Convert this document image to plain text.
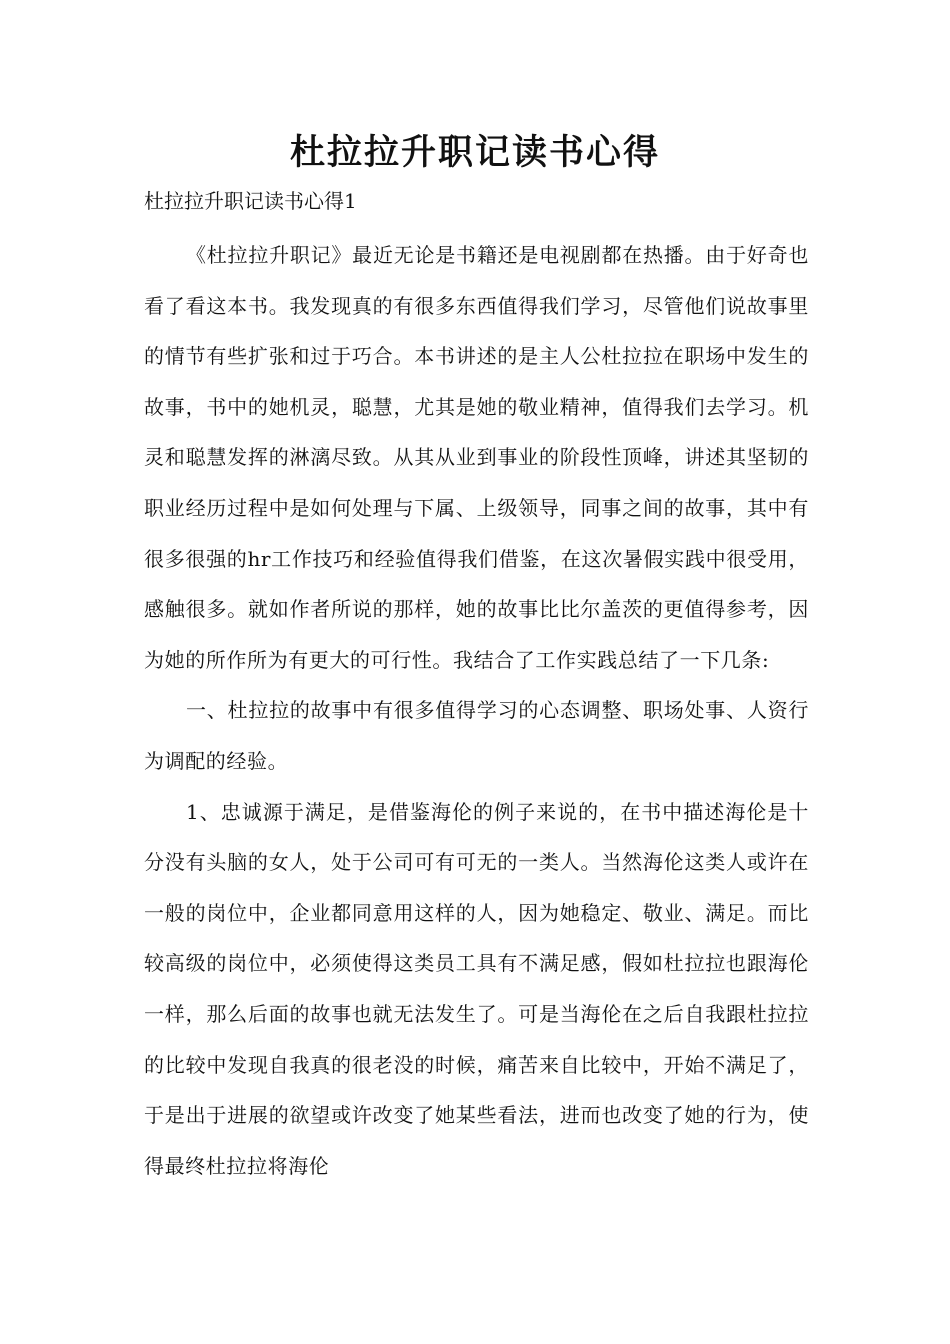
杜拉拉升职记读书心得

杜拉拉升职记读书心得1

《杜拉拉升职记》最近无论是书籍还是电视剧都在热播。由于好奇也看了看这本书。我发现真的有很多东西值得我们学习，尽管他们说故事里的情节有些扩张和过于巧合。本书讲述的是主人公杜拉拉在职场中发生的故事，书中的她机灵，聪慧，尤其是她的敬业精神，值得我们去学习。机灵和聪慧发挥的淋漓尽致。从其从业到事业的阶段性顶峰，讲述其坚韧的职业经历过程中是如何处理与下属、上级领导，同事之间的故事，其中有很多很强的hr工作技巧和经验值得我们借鉴，在这次暑假实践中很受用，感触很多。就如作者所说的那样，她的故事比比尔盖茨的更值得参考，因为她的所作所为有更大的可行性。我结合了工作实践总结了一下几条:

一、杜拉拉的故事中有很多值得学习的心态调整、职场处事、人资行为调配的经验。

1、忠诚源于满足，是借鉴海伦的例子来说的，在书中描述海伦是十分没有头脑的女人，处于公司可有可无的一类人。当然海伦这类人或许在一般的岗位中，企业都同意用这样的人，因为她稳定、敬业、满足。而比较高级的岗位中，必须使得这类员工具有不满足感，假如杜拉拉也跟海伦一样，那么后面的故事也就无法发生了。可是当海伦在之后自我跟杜拉拉的比较中发现自我真的很老没的时候，痛苦来自比较中，开始不满足了，于是出于进展的欲望或许改变了她某些看法，进而也改变了她的行为，使得最终杜拉拉将海伦
